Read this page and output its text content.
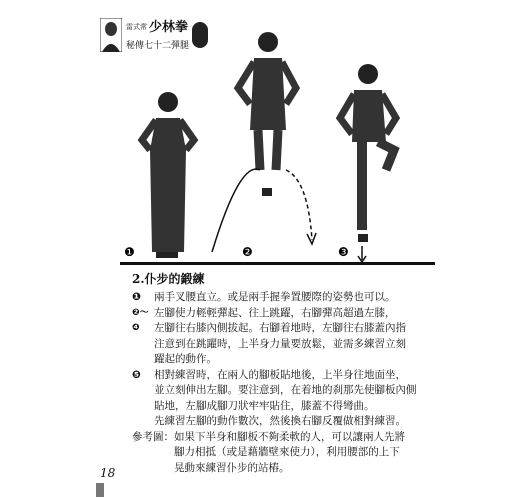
$^{雷式常}$ 少林拳
秘傳七十二彈腿
❶	❷	❸
2.仆步的鍛練
❶	兩手叉腰直立。或是兩手握拳置腰際的姿勢也可以。
❷～❹
左腳使力輕輕彈起、往上跳躍，右腳彈高超過左膝，
左腳往右膝內側拔起。右腳着地時，左腳往右膝蓋內指
注意到在跳躍時，上半身力量要放鬆，並需多練習立刻
躍起的動作。
❺	相對練習時，在兩人的腳板貼地後，上半身往地面坐，
並立刻伸出左腳。要注意到，在着地的刹那先使腳板內側
貼地，左腳成腳刀狀牢牢貼住，膝蓋不得彎曲。
先練習左腳的動作數次，然後換右腳反覆做相對練習。
參考圖： 如果下半身和腳板不夠柔軟的人，可以讓兩人先將
腳力相抵（或是藉牆壁來使力），利用腰部的上下
晃動來練習仆步的站樁。
18
